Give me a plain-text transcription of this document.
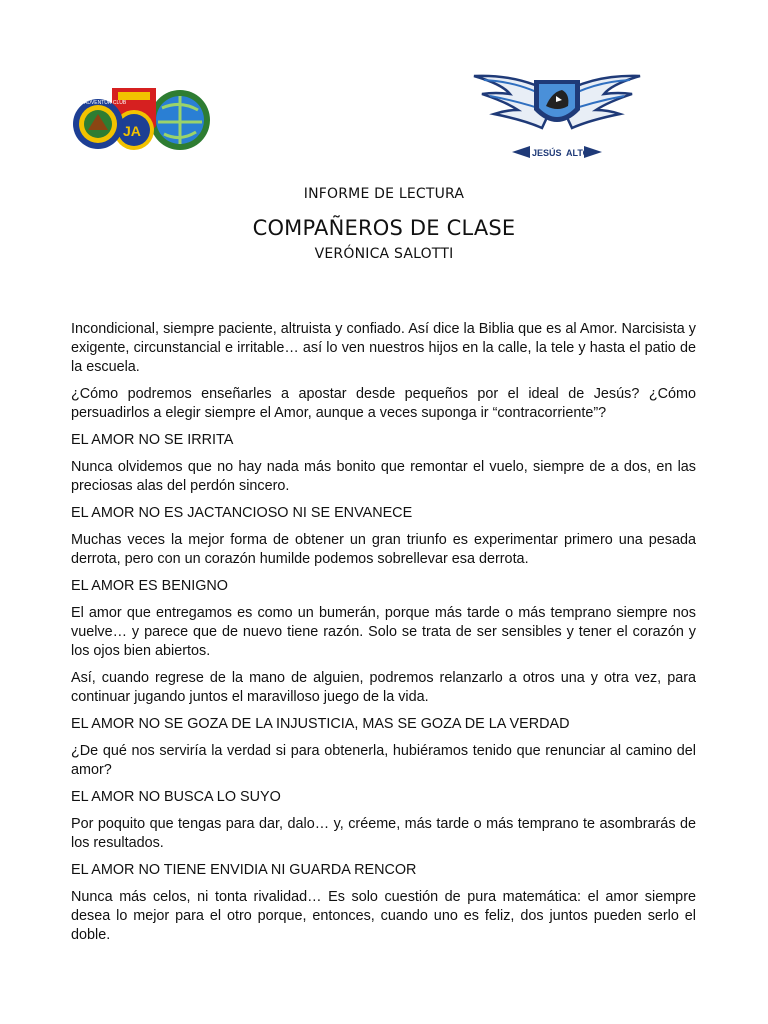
JA
ADVENTUR CLUB
JESÚS ALTO
INFORME DE LECTURA
COMPAÑEROS DE CLASE
VERÓNICA SALOTTI

Incondicional, siempre paciente, altruista y confiado. Así dice la Biblia que es al Amor. Narcisista y exigente, circunstancial e irritable… así lo ven nuestros hijos en la calle, la tele y hasta el patio de la escuela.

¿Cómo podremos enseñarles a apostar desde pequeños por el ideal de Jesús? ¿Cómo persuadirlos a elegir siempre el Amor, aunque a veces suponga ir “contracorriente”?

EL AMOR NO SE IRRITA

Nunca olvidemos que no hay nada más bonito que remontar el vuelo, siempre de a dos, en las preciosas alas del perdón sincero.

EL AMOR NO ES JACTANCIOSO NI SE ENVANECE

Muchas veces la mejor forma de obtener un gran triunfo es experimentar primero una pesada derrota, pero con un corazón humilde podemos sobrellevar esa derrota.

EL AMOR ES BENIGNO

El amor que entregamos es como un bumerán, porque más tarde o más temprano siempre nos vuelve… y parece que de nuevo tiene razón. Solo se trata de ser sensibles y tener el corazón y los ojos bien abiertos.

Así, cuando regrese de la mano de alguien, podremos relanzarlo a otros una y otra vez, para continuar jugando juntos el maravilloso juego de la vida.

EL AMOR NO SE GOZA DE LA INJUSTICIA, MAS SE GOZA DE LA VERDAD

¿De qué nos serviría la verdad si para obtenerla, hubiéramos tenido que renunciar al camino del amor?

EL AMOR NO BUSCA LO SUYO

Por poquito que tengas para dar, dalo… y, créeme, más tarde o más temprano te asombrarás de los resultados.

EL AMOR NO TIENE ENVIDIA NI GUARDA RENCOR

Nunca más celos, ni tonta rivalidad… Es solo cuestión de pura matemática: el amor siempre desea lo mejor para el otro porque, entonces, cuando uno es feliz, dos juntos pueden serlo el doble.
